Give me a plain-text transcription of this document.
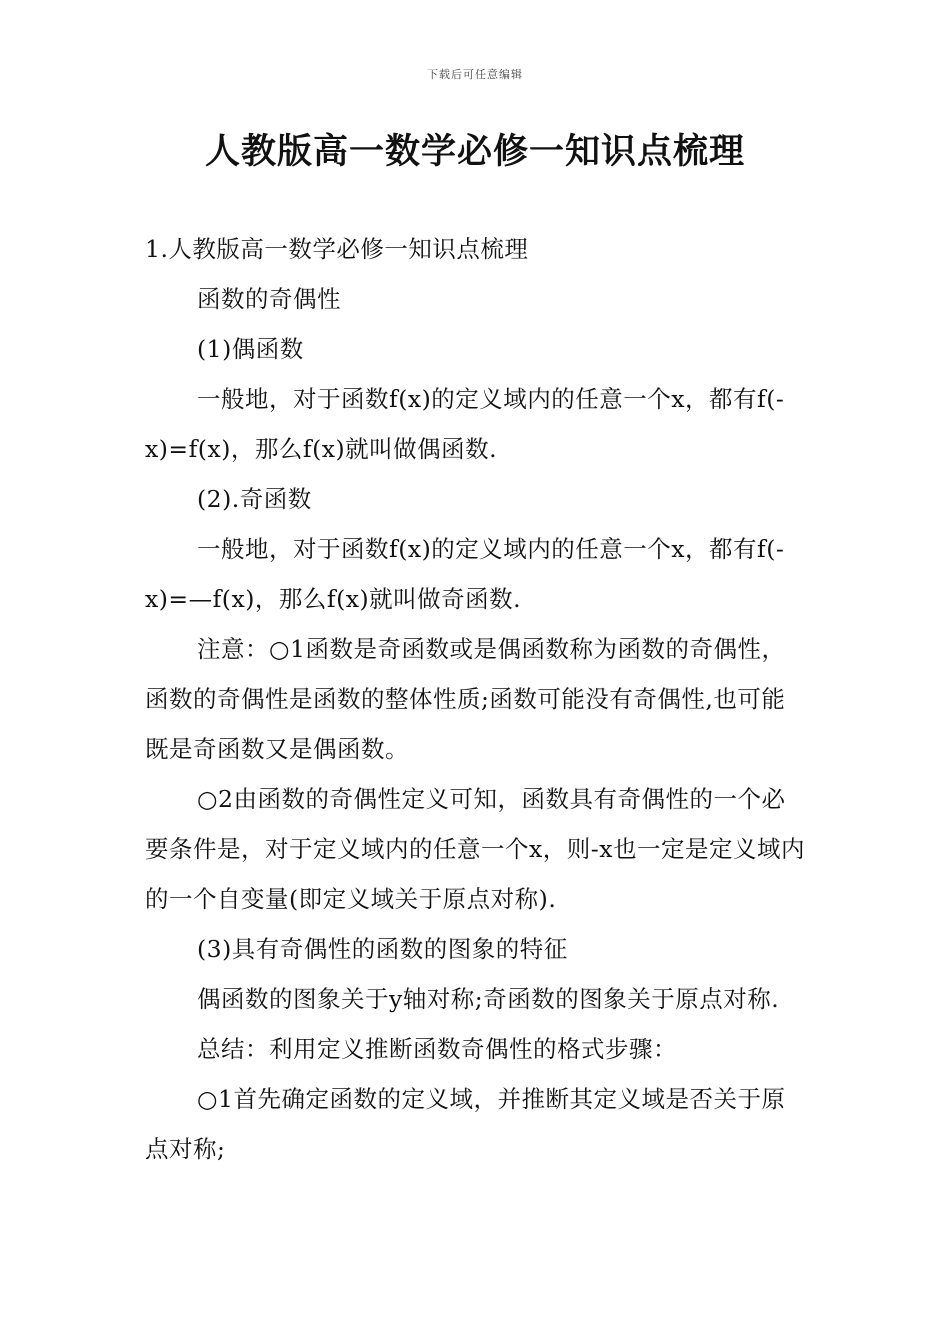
下载后可任意编辑
人教版高一数学必修一知识点梳理

1.人教版高一数学必修一知识点梳理

函数的奇偶性

(1)偶函数

一般地，对于函数f(x)的定义域内的任意一个x，都有f(-x)=f(x)，那么f(x)就叫做偶函数.

(2).奇函数

一般地，对于函数f(x)的定义域内的任意一个x，都有f(-x)=—f(x)，那么f(x)就叫做奇函数.

注意：○1函数是奇函数或是偶函数称为函数的奇偶性，函数的奇偶性是函数的整体性质;函数可能没有奇偶性,也可能既是奇函数又是偶函数。

○2由函数的奇偶性定义可知，函数具有奇偶性的一个必要条件是，对于定义域内的任意一个x，则-x也一定是定义域内的一个自变量(即定义域关于原点对称).

(3)具有奇偶性的函数的图象的特征

偶函数的图象关于y轴对称;奇函数的图象关于原点对称.

总结：利用定义推断函数奇偶性的格式步骤：

○1首先确定函数的定义域，并推断其定义域是否关于原点对称;
